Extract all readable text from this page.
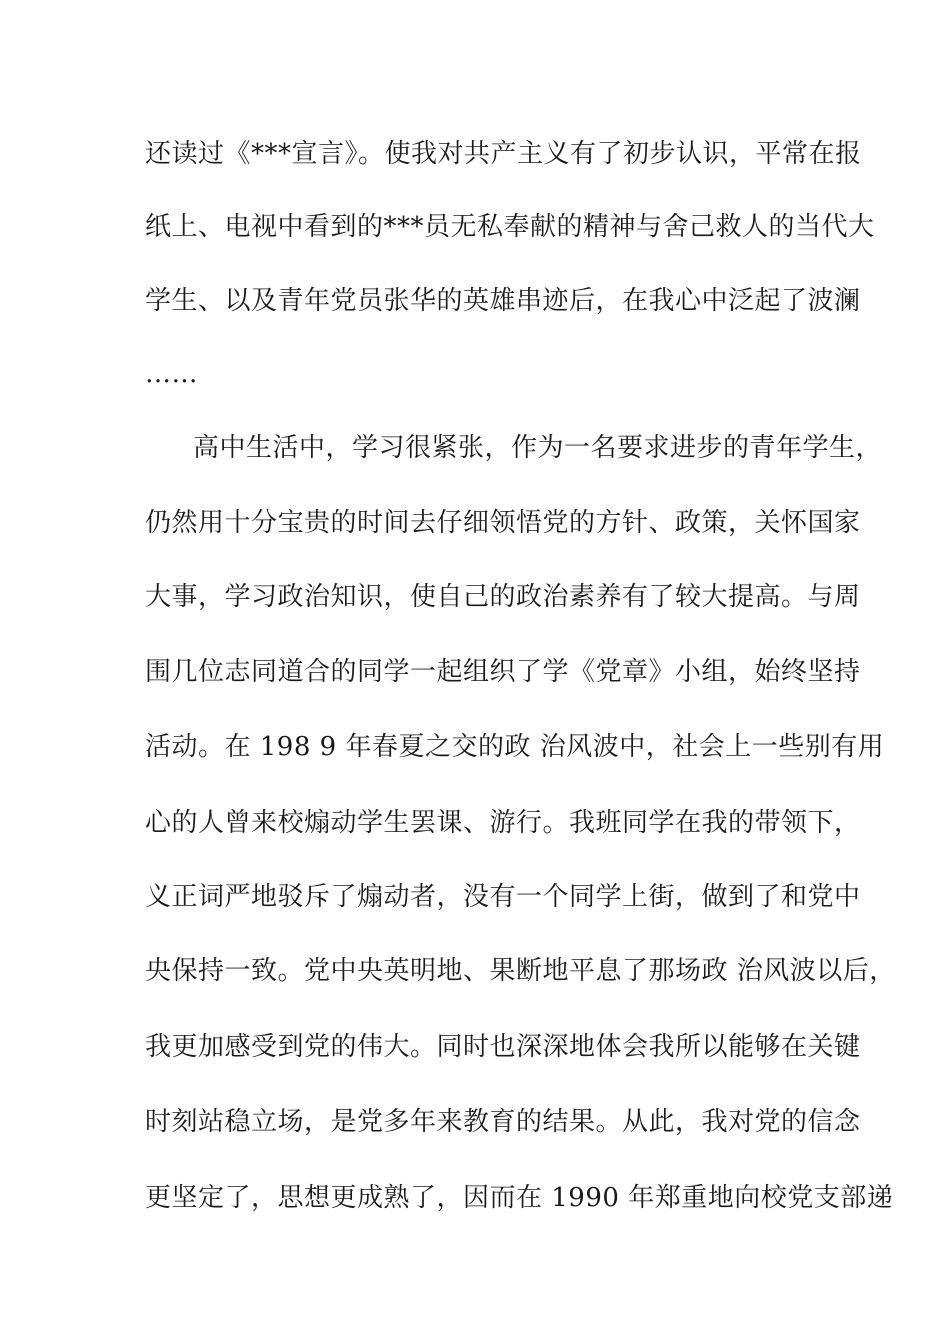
还读过《***宣言》。使我对共产主义有了初步认识，平常在报
纸上、电视中看到的***员无私奉献的精神与舍己救人的当代大
学生、以及青年党员张华的英雄串迹后，在我心中泛起了波澜
……
高中生活中，学习很紧张，作为一名要求进步的青年学生，
仍然用十分宝贵的时间去仔细领悟党的方针、政策，关怀国家
大事，学习政治知识，使自己的政治素养有了较大提高。与周
围几位志同道合的同学一起组织了学《党章》小组，始终坚持
活动。在 198 9 年春夏之交的政 治风波中，社会上一些别有用
心的人曾来校煽动学生罢课、游行。我班同学在我的带领下，
义正词严地驳斥了煽动者，没有一个同学上街，做到了和党中
央保持一致。党中央英明地、果断地平息了那场政 治风波以后，
我更加感受到党的伟大。同时也深深地体会我所以能够在关键
时刻站稳立场，是党多年来教育的结果。从此，我对党的信念
更坚定了，思想更成熟了，因而在 1990 年郑重地向校党支部递
